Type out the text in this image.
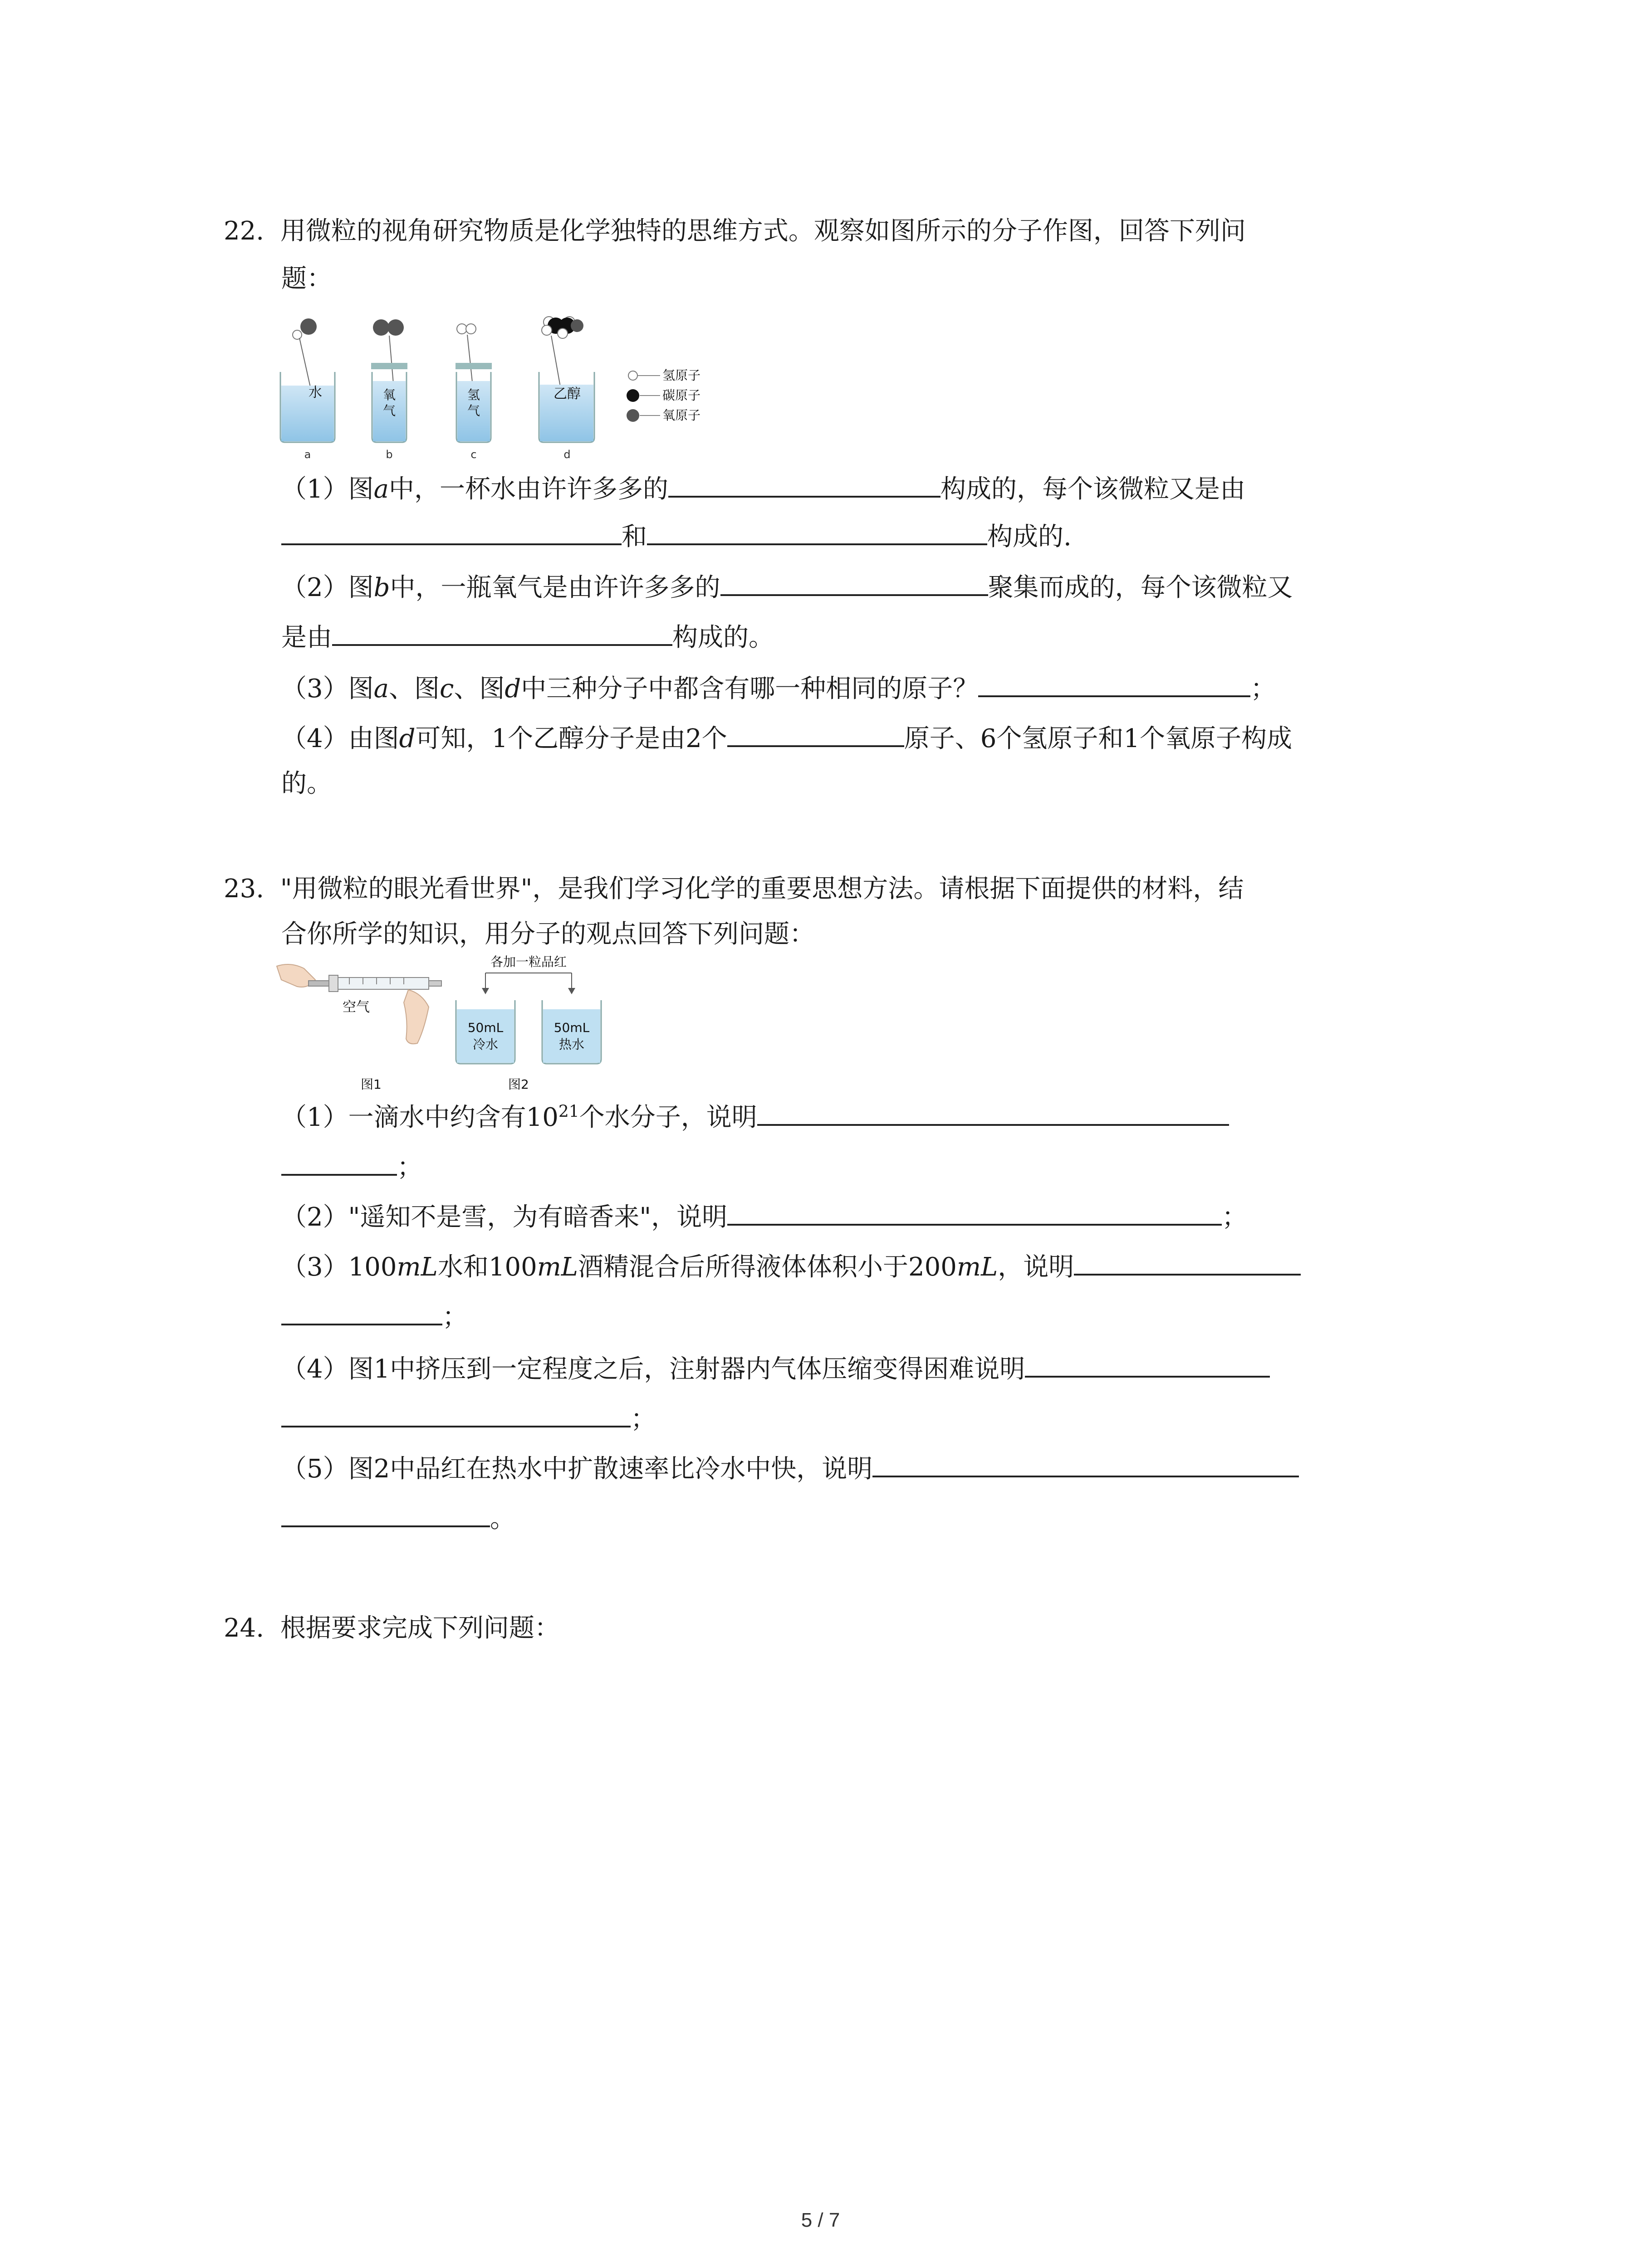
22. 用微粒的视角研究物质是化学独特的思维方式。观察如图所示的分子作图，回答下列问
题：
水
a
氧
气
b
氢
气
c
乙醇
d
氢原子
碳原子
氧原子
（1）图a中，一杯水由许许多多的	构成的，每个该微粒又是由
和	构成的.
（2）图b中，一瓶氧气是由许许多多的	聚集而成的，每个该微粒又
是由	构成的。
（3）图a、图c、图d中三种分子中都含有哪一种相同的原子？	；
（4）由图d可知，1个乙醇分子是由2个	原子、6个氢原子和1个氧原子构成
的。
23. "用微粒的眼光看世界"，是我们学习化学的重要思想方法。请根据下面提供的材料，结
合你所学的知识，用分子的观点回答下列问题：
空气
图1
各加一粒品红
50mL
冷水
50mL
热水
图2
（1）一滴水中约含有$10^{21}$个水分子，说明
；
（2）"遥知不是雪，为有暗香来"，说明	；
（3）100mL水和100mL酒精混合后所得液体体积小于200mL，说明
；
（4）图1中挤压到一定程度之后，注射器内气体压缩变得困难说明
；
（5）图2中品红在热水中扩散速率比冷水中快，说明
。
24. 根据要求完成下列问题：
5 / 7
